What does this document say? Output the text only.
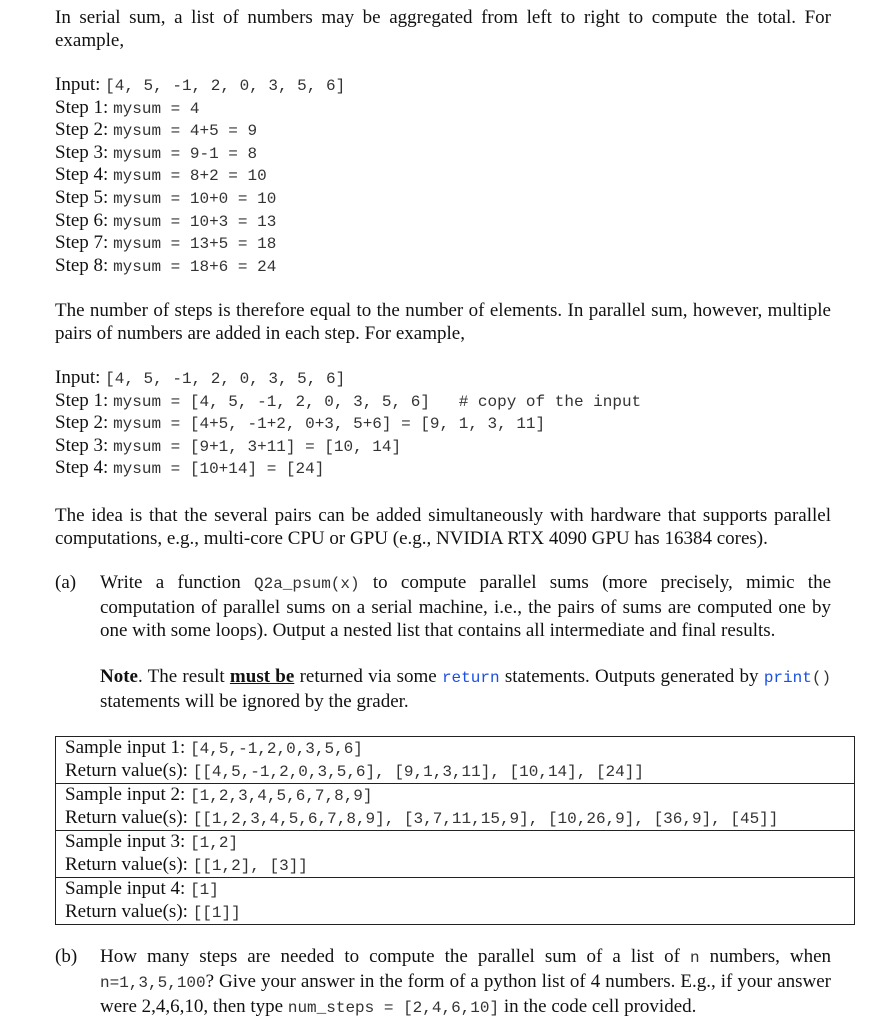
In serial sum, a list of numbers may be aggregated from left to right to compute the total. For example,

Input: [4, 5, -1, 2, 0, 3, 5, 6]
Step 1: mysum = 4
Step 2: mysum = 4+5 = 9
Step 3: mysum = 9-1 = 8
Step 4: mysum = 8+2 = 10
Step 5: mysum = 10+0 = 10
Step 6: mysum = 10+3 = 13
Step 7: mysum = 13+5 = 18
Step 8: mysum = 18+6 = 24

The number of steps is therefore equal to the number of elements. In parallel sum, however, multiple pairs of numbers are added in each step. For example,

Input: [4, 5, -1, 2, 0, 3, 5, 6]
Step 1: mysum = [4, 5, -1, 2, 0, 3, 5, 6]   # copy of the input
Step 2: mysum = [4+5, -1+2, 0+3, 5+6] = [9, 1, 3, 11]
Step 3: mysum = [9+1, 3+11] = [10, 14]
Step 4: mysum = [10+14] = [24]

The idea is that the several pairs can be added simultaneously with hardware that supports parallel computations, e.g., multi-core CPU or GPU (e.g., NVIDIA RTX 4090 GPU has 16384 cores).

(a) Write a function Q2a_psum(x) to compute parallel sums (more precisely, mimic the computation of parallel sums on a serial machine, i.e., the pairs of sums are computed one by one with some loops). Output a nested list that contains all intermediate and final results.

Note. The result must be returned via some return statements. Outputs generated by print() statements will be ignored by the grader.

Sample input 1: [4,5,-1,2,0,3,5,6]
Return value(s): [[4,5,-1,2,0,3,5,6], [9,1,3,11], [10,14], [24]]
Sample input 2: [1,2,3,4,5,6,7,8,9]
Return value(s): [[1,2,3,4,5,6,7,8,9], [3,7,11,15,9], [10,26,9], [36,9], [45]]
Sample input 3: [1,2]
Return value(s): [[1,2], [3]]
Sample input 4: [1]
Return value(s): [[1]]
(b) How many steps are needed to compute the parallel sum of a list of n numbers, when n=1,3,5,100? Give your answer in the form of a python list of 4 numbers. E.g., if your answer were 2,4,6,10, then type num_steps = [2,4,6,10] in the code cell provided.
